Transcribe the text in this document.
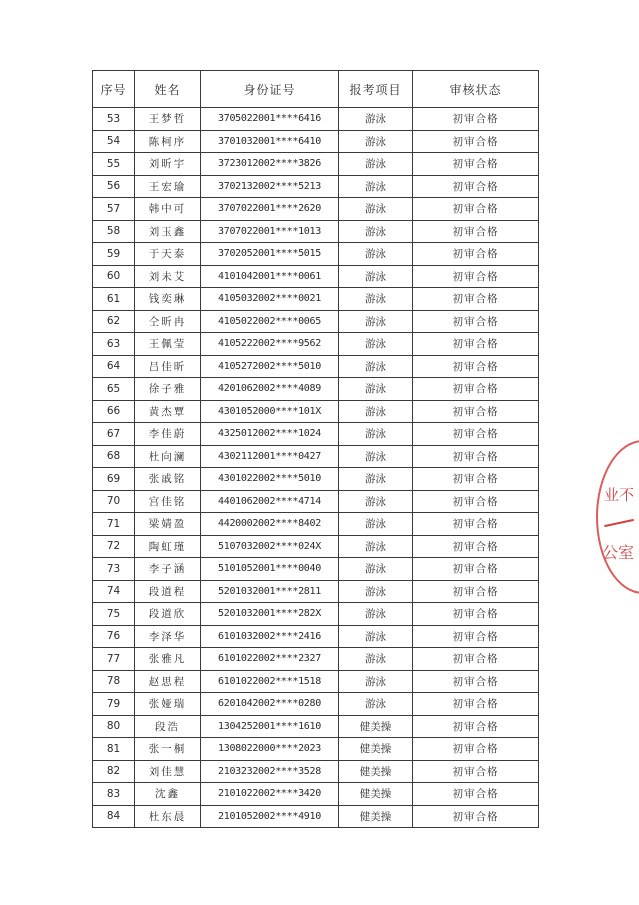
序号	姓名	身份证号	报考项目	审核状态
53	王梦哲	3705022001****6416	游泳	初审合格
54	陈柯序	3701032001****6410	游泳	初审合格
55	刘昕宇	3723012002****3826	游泳	初审合格
56	王宏瑜	3702132002****5213	游泳	初审合格
57	韩中可	3707022001****2620	游泳	初审合格
58	刘玉鑫	3707022001****1013	游泳	初审合格
59	于天泰	3702052001****5015	游泳	初审合格
60	刘未艾	4101042001****0061	游泳	初审合格
61	钱奕琳	4105032002****0021	游泳	初审合格
62	仝昕冉	4105022002****0065	游泳	初审合格
63	王佩莹	4105222002****9562	游泳	初审合格
64	吕佳昕	4105272002****5010	游泳	初审合格
65	徐子雅	4201062002****4089	游泳	初审合格
66	黄杰覃	4301052000****101X	游泳	初审合格
67	李佳蔚	4325012002****1024	游泳	初审合格
68	杜向澜	4302112001****0427	游泳	初审合格
69	张戚铭	4301022002****5010	游泳	初审合格
70	宫佳铭	4401062002****4714	游泳	初审合格
71	梁婧盈	4420002002****8402	游泳	初审合格
72	陶虹瑾	5107032002****024X	游泳	初审合格
73	李子涵	5101052001****0040	游泳	初审合格
74	段道程	5201032001****2811	游泳	初审合格
75	段道欣	5201032001****282X	游泳	初审合格
76	李泽华	6101032002****2416	游泳	初审合格
77	张雅凡	6101022002****2327	游泳	初审合格
78	赵思程	6101022002****1518	游泳	初审合格
79	张娅瑞	6201042002****0280	游泳	初审合格
80	段浩	1304252001****1610	健美操	初审合格
81	张一桐	1308022000****2023	健美操	初审合格
82	刘佳慧	2103232002****3528	健美操	初审合格
83	沈鑫	2101022002****3420	健美操	初审合格
84	杜东晨	2101052002****4910	健美操	初审合格
业不
公室
